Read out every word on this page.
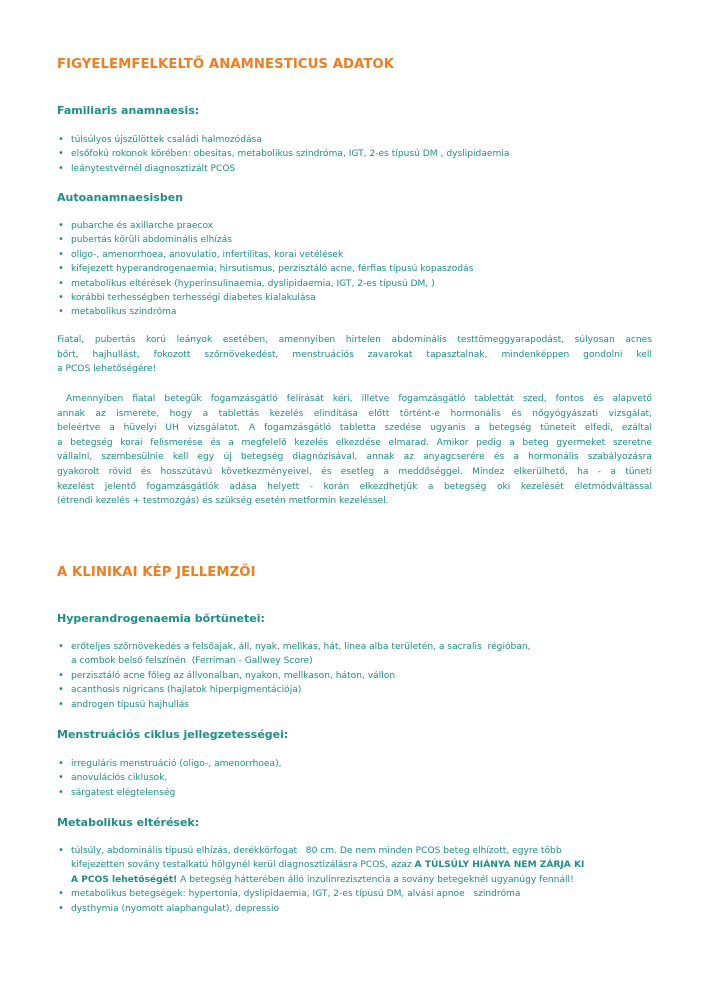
FIGYELEMFELKELTŐ ANAMNESTICUS ADATOK
Familiaris anamnaesis:
• túlsúlyos újszülöttek családi halmozódása
• elsőfokú rokonok körében: obesitas, metabolikus szindróma, IGT, 2-es típusú DM , dyslipidaemia
• leánytestvérnél diagnosztizált PCOS
Autoanamnaesisben
• pubarche és axillarche praecox
• pubertás körüli abdominális elhízás
• oligo-, amenorrhoea, anovulatio, infertilitas, korai vetélések
• kifejezett hyperandrogenaemia, hirsutismus, perzisztáló acne, férfias típusú kopaszodás
• metabolikus eltérések (hyperinsulinaemia, dyslipidaemia, IGT, 2-es típusú DM, )
• korábbi terhességben terhességi diabetes kialakulása
• metabolikus szindróma
Fiatal, pubertás korú leányok esetében, amennyiben hirtelen abdominális testtömeggyarapodást, súlyosan acnes
bőrt, hajhullást, fokozott szőrnövekedést, menstruációs zavarokat tapasztalnak, mindenképpen gondolni kell
a PCOS lehetőségére!
Amennyiben fiatal betegük fogamzásgátló felírását kéri, illetve fogamzásgátló tablettát szed, fontos és alapvető
annak az ismerete, hogy a tablettás kezelés elindítása előtt történt-e hormonális és nőgyógyászati vizsgálat,
beleértve a hüvelyi UH vizsgálatot. A fogamzásgátló tabletta szedése ugyanis a betegség tüneteit elfedi, ezáltal
a betegség korai felismerése és a megfelelő kezelés elkezdése elmarad. Amikor pedig a beteg gyermeket szeretne
vállalni, szembesülnie kell egy új betegség diagnózisával, annak az anyagcserére és a hormonális szabályozásra
gyakorolt rövid és hosszútávú következményeivel, és esetleg a meddőséggel. Mindez elkerülhető, ha - a tüneti
kezelést jelentő fogamzásgátlók adása helyett - korán elkezdhetjük a betegség oki kezelését életmódváltással
(étrendi kezelés + testmozgás) és szükség esetén metformin kezeléssel.
A KLINIKAI KÉP JELLEMZŐI
Hyperandrogenaemia bőrtünetei:
• erőteljes szőrnövekedés a felsőajak, áll, nyak, mellkas, hát, linea alba területén, a sacralis  régióban,
a combok belső felszínén  (Ferriman - Gallwey Score)
• perzisztáló acne főleg az állvonalban, nyakon, mellkason, háton, vállon
• acanthosis nigricans (hajlatok hiperpigmentációja)
• androgen típusú hajhullás
Menstruációs ciklus jellegzetességei:
• irreguláris menstruáció (oligo-, amenorrhoea),
• anovulációs ciklusok,
• sárgatest elégtelenség
Metabolikus eltérések:
• túlsúly, abdominális típusú elhízás, derékkörfogat   80 cm. De nem minden PCOS beteg elhízott, egyre több
kifejezetten sovány testalkatú hölgynél kerül diagnosztizálásra PCOS, azaz A TÚLSÚLY HIÁNYA NEM ZÁRJA KI
A PCOS lehetőségét! A betegség hátterében álló inzulinrezisztencia a sovány betegeknél ugyanúgy fennáll!
• metabolikus betegségek: hypertonia, dyslipidaemia, IGT, 2-es típusú DM, alvási apnoe   szindróma
• dysthymia (nyomott alaphangulat), depressio
